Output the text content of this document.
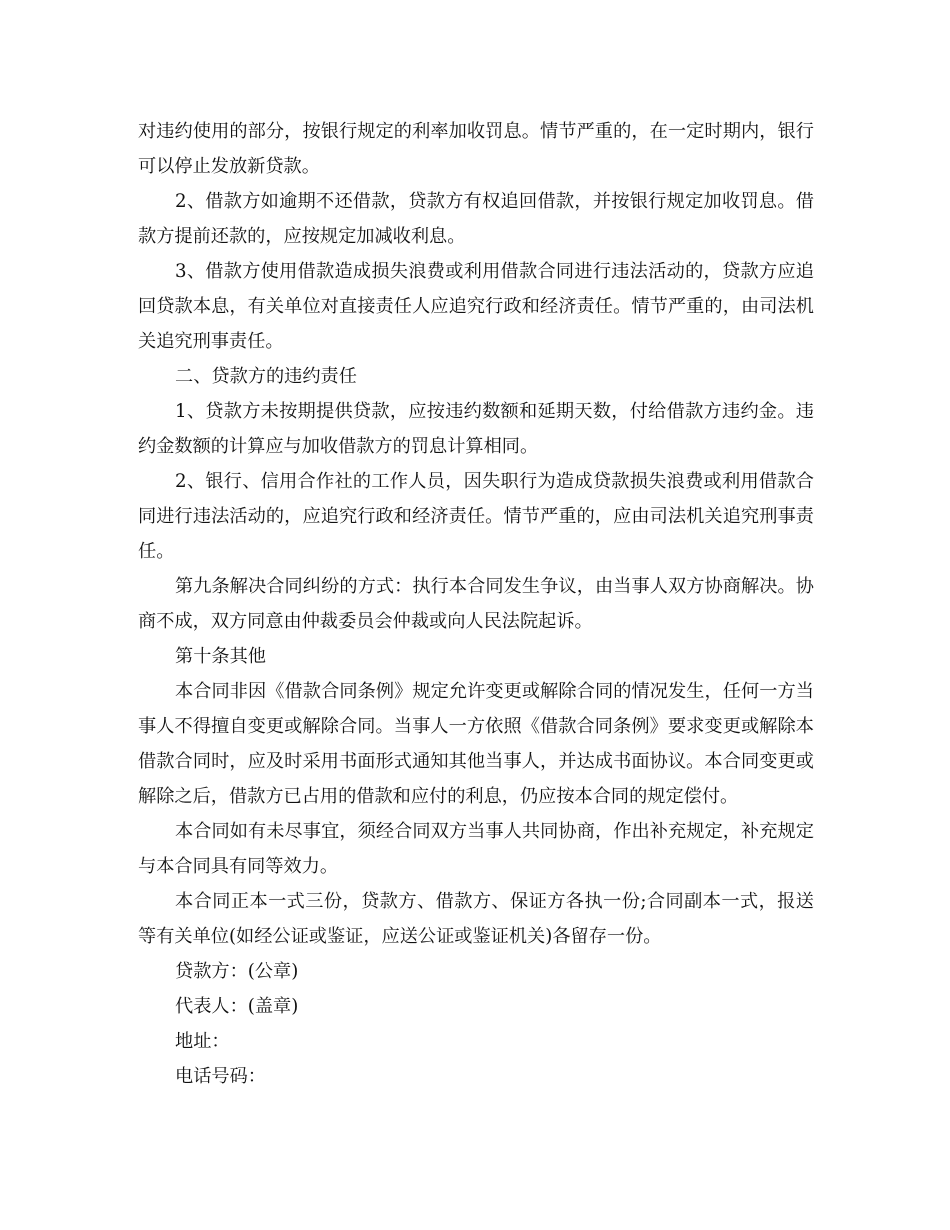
对违约使用的部分，按银行规定的利率加收罚息。情节严重的，在一定时期内，银行可以停止发放新贷款。

2、借款方如逾期不还借款，贷款方有权追回借款，并按银行规定加收罚息。借款方提前还款的，应按规定加减收利息。

3、借款方使用借款造成损失浪费或利用借款合同进行违法活动的，贷款方应追回贷款本息，有关单位对直接责任人应追究行政和经济责任。情节严重的，由司法机关追究刑事责任。

二、贷款方的违约责任

1、贷款方未按期提供贷款，应按违约数额和延期天数，付给借款方违约金。违约金数额的计算应与加收借款方的罚息计算相同。

2、银行、信用合作社的工作人员，因失职行为造成贷款损失浪费或利用借款合同进行违法活动的，应追究行政和经济责任。情节严重的，应由司法机关追究刑事责任。

第九条解决合同纠纷的方式：执行本合同发生争议，由当事人双方协商解决。协商不成，双方同意由仲裁委员会仲裁或向人民法院起诉。

第十条其他

本合同非因《借款合同条例》规定允许变更或解除合同的情况发生，任何一方当事人不得擅自变更或解除合同。当事人一方依照《借款合同条例》要求变更或解除本借款合同时，应及时采用书面形式通知其他当事人，并达成书面协议。本合同变更或解除之后，借款方已占用的借款和应付的利息，仍应按本合同的规定偿付。

本合同如有未尽事宜，须经合同双方当事人共同协商，作出补充规定，补充规定与本合同具有同等效力。

本合同正本一式三份，贷款方、借款方、保证方各执一份;合同副本一式，报送等有关单位(如经公证或鉴证，应送公证或鉴证机关)各留存一份。

贷款方：(公章)

代表人：(盖章)

地址：

电话号码：
